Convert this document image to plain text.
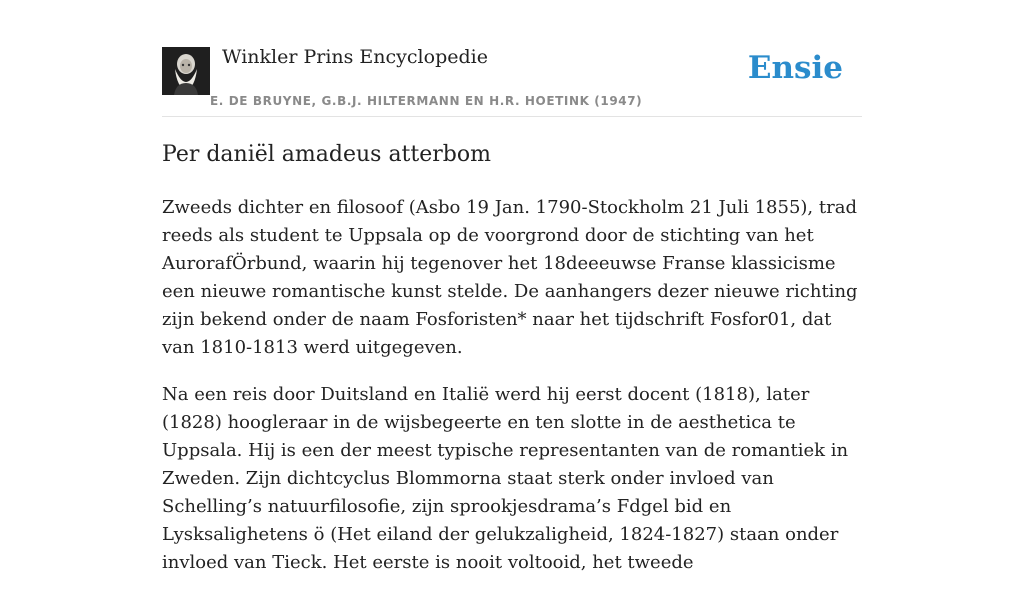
Winkler Prins Encyclopedie
E. DE BRUYNE, G.B.J. HILTERMANN EN H.R. HOETINK (1947)
Ensie
Per daniël amadeus atterbom

Zweeds dichter en filosoof (Asbo 19 Jan. 1790-Stockholm 21 Juli 1855), trad reeds als student te Uppsala op de voorgrond door de stichting van het AurorafÖrbund, waarin hij tegenover het 18deeeuwse Franse klassicisme een nieuwe romantische kunst stelde. De aanhangers dezer nieuwe richting zijn bekend onder de naam Fosforisten* naar het tijdschrift Fosfor01, dat van 1810-1813 werd uitgegeven.

Na een reis door Duitsland en Italië werd hij eerst docent (1818), later (1828) hoogleraar in de wijsbegeerte en ten slotte in de aesthetica te Uppsala. Hij is een der meest typische representanten van de romantiek in Zweden. Zijn dichtcyclus Blommorna staat sterk onder invloed van Schelling’s natuurfilosofie, zijn sprookjesdrama’s Fdgel bid en Lysksalighetens ö (Het eiland der gelukzaligheid, 1824-1827) staan onder invloed van Tieck. Het eerste is nooit voltooid, het tweede
